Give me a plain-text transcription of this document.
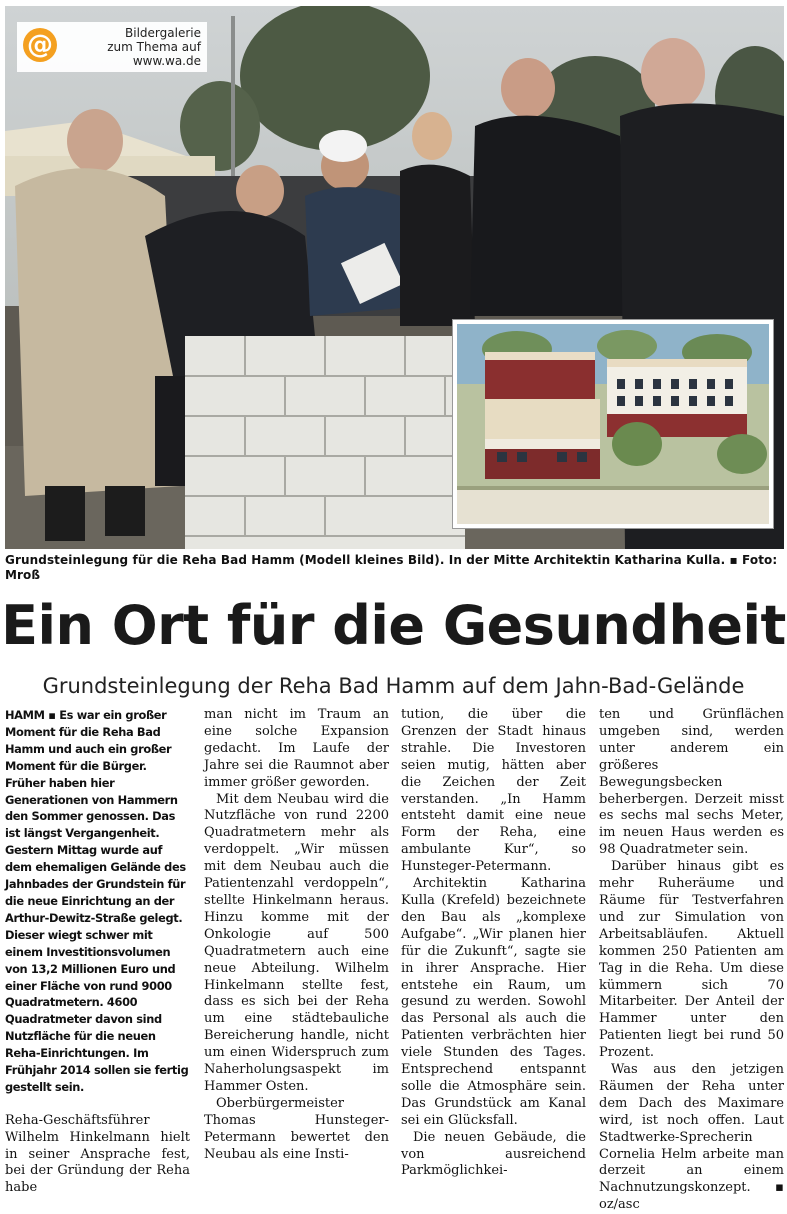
@	Bildergalerie
zum Thema auf
www.wa.de
Grundsteinlegung für die Reha Bad Hamm (Modell kleines Bild). In der Mitte Architektin Katharina Kulla. ▪ Foto: Mroß
Ein Ort für die Gesundheit
Grundsteinlegung der Reha Bad Hamm auf dem Jahn-Bad-Gelände

HAMM ▪ Es war ein großer Moment für die Reha Bad Hamm und auch ein großer Moment für die Bürger. Früher haben hier Generationen von Hammern den Sommer genossen. Das ist längst Vergangenheit. Gestern Mittag wurde auf dem ehemaligen Gelände des Jahnbades der Grundstein für die neue Einrichtung an der Arthur-Dewitz-Straße gelegt. Dieser wiegt schwer mit einem Investitionsvolumen von 13,2 Millionen Euro und einer Fläche von rund 9000 Quadratmetern. 4600 Quadratmeter davon sind Nutzfläche für die neuen Reha-Einrichtungen. Im Frühjahr 2014 sollen sie fertig gestellt sein.

Reha-Geschäftsführer Wilhelm Hinkelmann hielt in seiner Ansprache fest, bei der Gründung der Reha habe

man nicht im Traum an eine solche Expansion gedacht. Im Laufe der Jahre sei die Raumnot aber immer größer geworden.

Mit dem Neubau wird die Nutzfläche von rund 2200 Quadratmetern mehr als verdoppelt. „Wir müssen mit dem Neubau auch die Patientenzahl verdoppeln“, stellte Hinkelmann heraus. Hinzu komme mit der Onkologie auf 500 Quadratmetern auch eine neue Abteilung. Wilhelm Hinkelmann stellte fest, dass es sich bei der Reha um eine städtebauliche Bereicherung handle, nicht um einen Widerspruch zum Naherholungsaspekt im Hammer Osten.

Oberbürgermeister Thomas Hunsteger-Petermann bewertet den Neubau als eine Insti-

tution, die über die Grenzen der Stadt hinaus strahle. Die Investoren seien mutig, hätten aber die Zeichen der Zeit verstanden. „In Hamm entsteht damit eine neue Form der Reha, eine ambulante Kur“, so Hunsteger-Petermann.

Architektin Katharina Kulla (Krefeld) bezeichnete den Bau als „komplexe Aufgabe“. „Wir planen hier für die Zukunft“, sagte sie in ihrer Ansprache. Hier entstehe ein Raum, um gesund zu werden. Sowohl das Personal als auch die Patienten verbrächten hier viele Stunden des Tages. Entsprechend entspannt solle die Atmosphäre sein. Das Grundstück am Kanal sei ein Glücksfall.

Die neuen Gebäude, die von ausreichend Parkmöglichkei-

ten und Grünflächen umgeben sind, werden unter anderem ein größeres Bewegungsbecken beherbergen. Derzeit misst es sechs mal sechs Meter, im neuen Haus werden es 98 Quadratmeter sein.

Darüber hinaus gibt es mehr Ruheräume und Räume für Testverfahren und zur Simulation von Arbeitsabläufen. Aktuell kommen 250 Patienten am Tag in die Reha. Um diese kümmern sich 70 Mitarbeiter. Der Anteil der Hammer unter den Patienten liegt bei rund 50 Prozent.

Was aus den jetzigen Räumen der Reha unter dem Dach des Maximare wird, ist noch offen. Laut Stadtwerke-Sprecherin Cornelia Helm arbeite man derzeit an einem Nachnutzungskonzept. ▪ oz/asc
